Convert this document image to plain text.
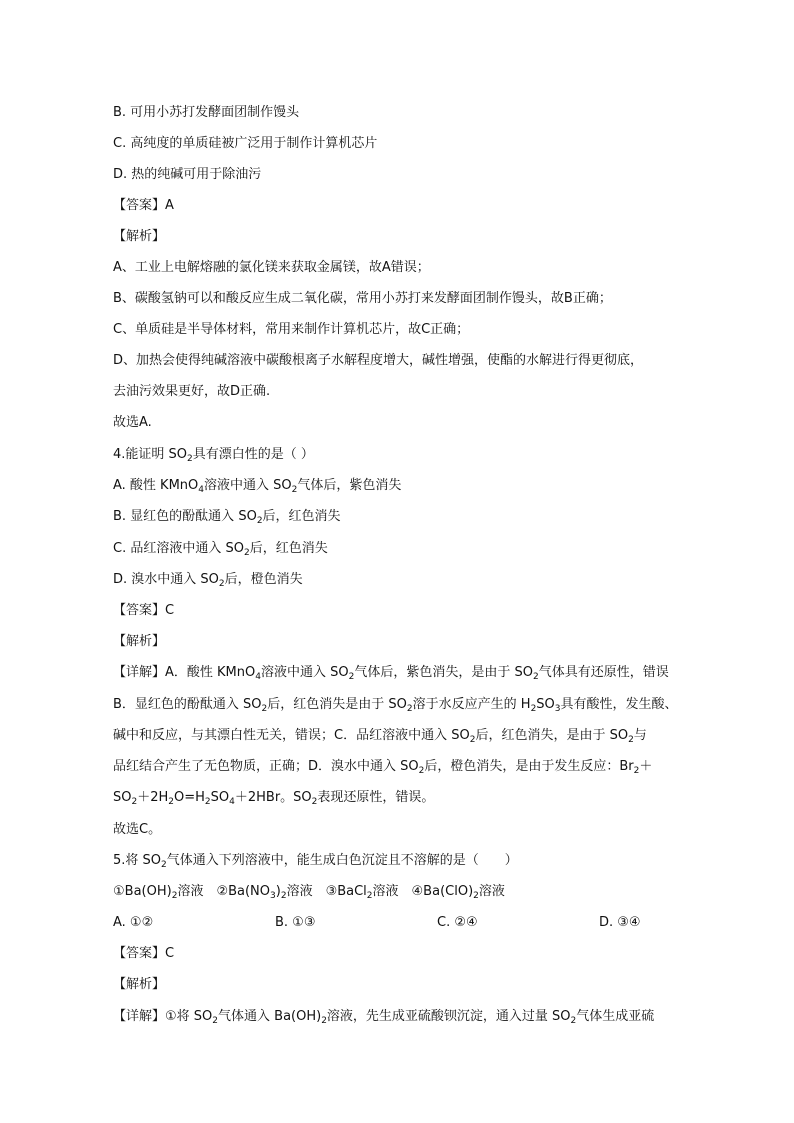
B. 可用小苏打发酵面团制作馒头
C. 高纯度的单质硅被广泛用于制作计算机芯片
D. 热的纯碱可用于除油污
【答案】A
【解析】
A、工业上电解熔融的氯化镁来获取金属镁，故A错误；
B、碳酸氢钠可以和酸反应生成二氧化碳，常用小苏打来发酵面团制作馒头，故B正确；
C、单质硅是半导体材料，常用来制作计算机芯片，故C正确；
D、加热会使得纯碱溶液中碳酸根离子水解程度增大，碱性增强，使酯的水解进行得更彻底，
去油污效果更好，故D正确.
故选A.
4.能证明 $SO_2$具有漂白性的是（ ）
A. 酸性 KMnO$_4$溶液中通入 $SO_2$气体后，紫色消失
B. 显红色的酚酞通入 $SO_2$后，红色消失
C. 品红溶液中通入 $SO_2$后，红色消失
D. 溴水中通入 $SO_2$后，橙色消失
【答案】C
【解析】
【详解】A．酸性 KMnO$_4$溶液中通入 $SO_2$气体后，紫色消失，是由于 $SO_2$气体具有还原性，错误
B．显红色的酚酞通入 $SO_2$后，红色消失是由于 $SO_2$溶于水反应产生的 $H_2SO_3$具有酸性，发生酸、
碱中和反应，与其漂白性无关，错误；C．品红溶液中通入 $SO_2$后，红色消失，是由于 $SO_2$与
品红结合产生了无色物质，正确；D．溴水中通入 $SO_2$后，橙色消失，是由于发生反应：$Br_2+$
$SO_2+2H_2O=H_2SO_4+2HBr$。$SO_2$表现还原性，错误。
故选C。
5.将 $SO_2$气体通入下列溶液中，能生成白色沉淀且不溶解的是（　　）
$①Ba(OH)_2$溶液　$②Ba(NO_3)_2$溶液　③BaCl$_2$溶液　$④Ba(ClO)_2$溶液
A. ①②	B. ①③	C. ②④	D. ③④
【答案】C
【解析】
【详解】①将 $SO_2$气体通入 $Ba(OH)_2$溶液，先生成亚硫酸钡沉淀，通入过量 $SO_2$气体生成亚硫
